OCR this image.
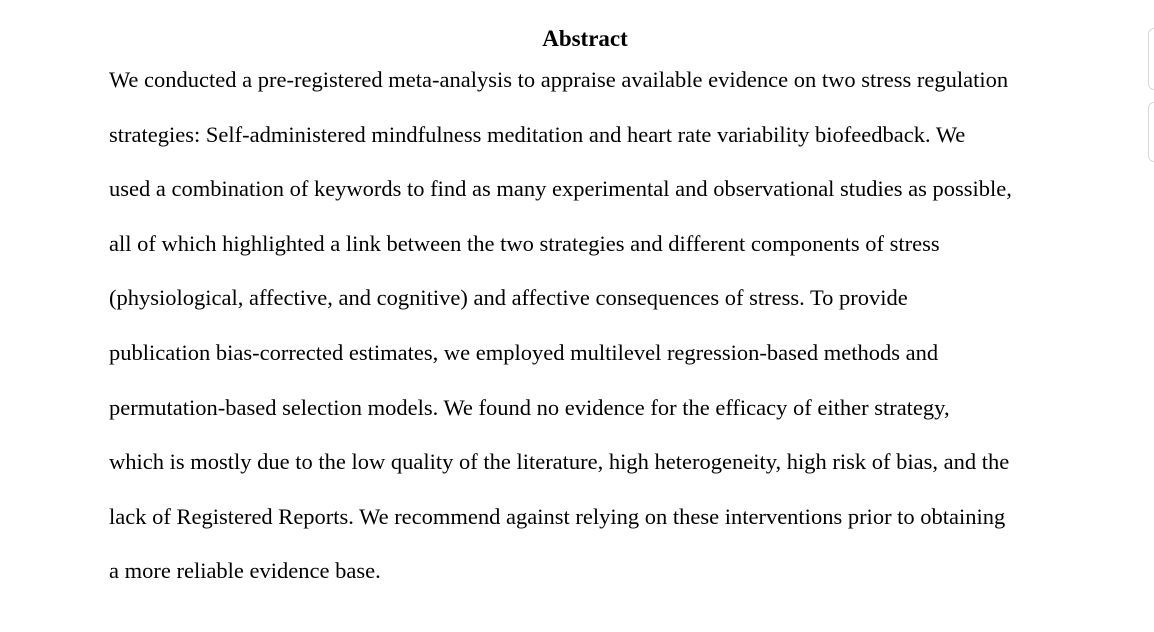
Abstract
We conducted a pre-registered meta-analysis to appraise available evidence on two stress regulation
strategies: Self-administered mindfulness meditation and heart rate variability biofeedback. We
used a combination of keywords to find as many experimental and observational studies as possible,
all of which highlighted a link between the two strategies and different components of stress
(physiological, affective, and cognitive) and affective consequences of stress. To provide
publication bias-corrected estimates, we employed multilevel regression-based methods and
permutation-based selection models. We found no evidence for the efficacy of either strategy,
which is mostly due to the low quality of the literature, high heterogeneity, high risk of bias, and the
lack of Registered Reports. We recommend against relying on these interventions prior to obtaining
a more reliable evidence base.
